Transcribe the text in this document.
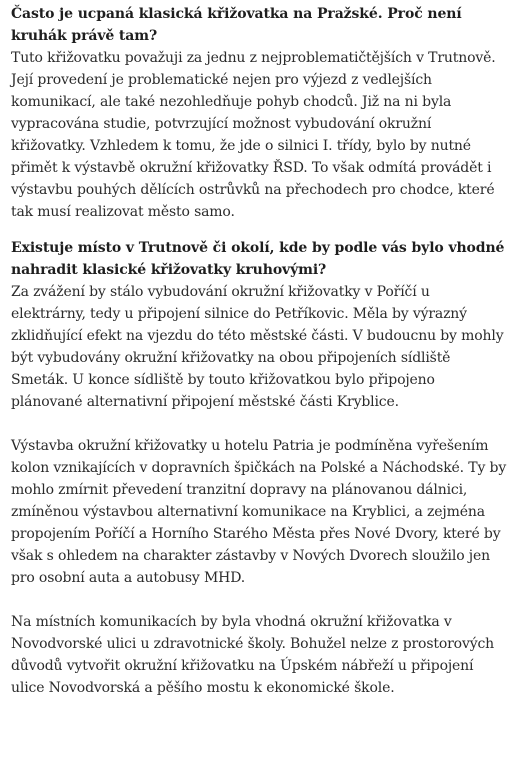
Často je ucpaná klasická křižovatka na Pražské. Proč není kruhák právě tam?

Tuto křižovatku považuji za jednu z nejproblematičtějších v Trutnově. Její provedení je problematické nejen pro výjezd z vedlejších komunikací, ale také nezohledňuje pohyb chodců. Již na ni byla vypracována studie, potvrzující možnost vybudování okružní křižovatky. Vzhledem k tomu, že jde o silnici I. třídy, bylo by nutné přimět k výstavbě okružní křižovatky ŘSD. To však odmítá provádět i výstavbu pouhých dělících ostrůvků na přechodech pro chodce, které tak musí realizovat město samo.

Existuje místo v Trutnově či okolí, kde by podle vás bylo vhodné nahradit klasické křižovatky kruhovými?

Za zvážení by stálo vybudování okružní křižovatky v Poříčí u elektrárny, tedy u připojení silnice do Petříkovic. Měla by výrazný zklidňující efekt na vjezdu do této městské části. V budoucnu by mohly být vybudovány okružní křižovatky na obou připojeních sídliště Smeták. U konce sídliště by touto křižovatkou bylo připojeno plánované alternativní připojení městské části Kryblice.

Výstavba okružní křižovatky u hotelu Patria je podmíněna vyřešením kolon vznikajících v dopravních špičkách na Polské a Náchodské. Ty by mohlo zmírnit převedení tranzitní dopravy na plánovanou dálnici, zmíněnou výstavbou alternativní komunikace na Kryblici, a zejména propojením Poříčí a Horního Starého Města přes Nové Dvory, které by však s ohledem na charakter zástavby v Nových Dvorech sloužilo jen pro osobní auta a autobusy MHD.

Na místních komunikacích by byla vhodná okružní křižovatka v Novodvorské ulici u zdravotnické školy. Bohužel nelze z prostorových důvodů vytvořit okružní křižovatku na Úpském nábřeží u připojení ulice Novodvorská a pěšího mostu k ekonomické škole.
